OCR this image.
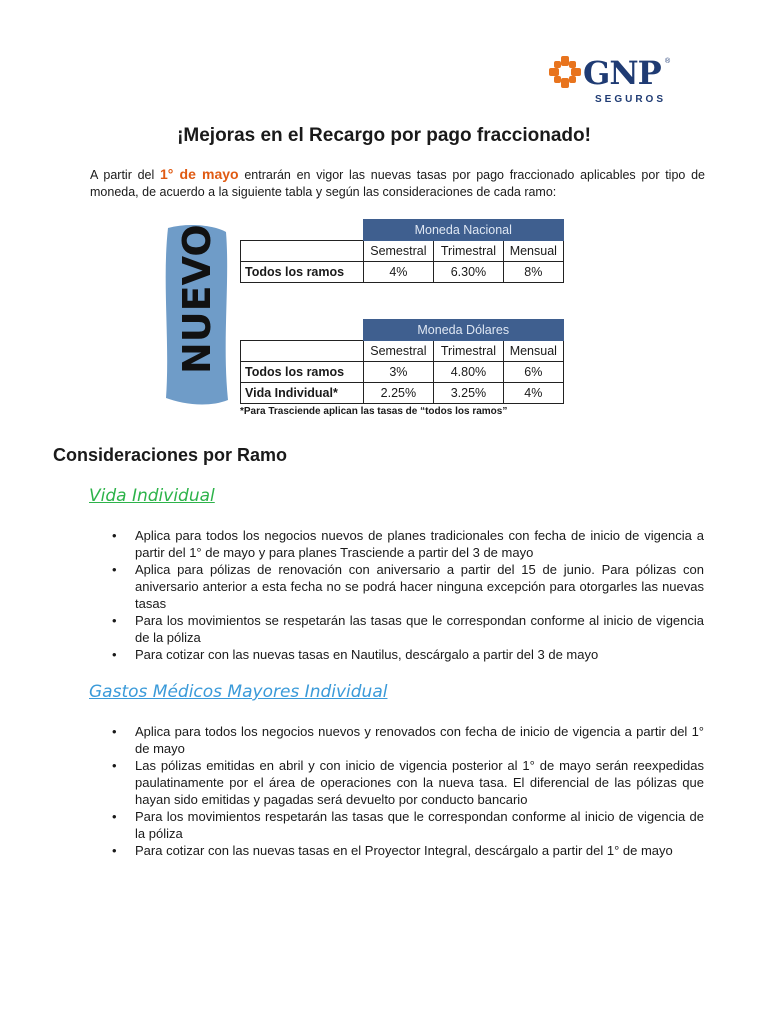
GNP ®
SEGUROS
¡Mejoras en el Recargo por pago fraccionado!
A partir del 1° de mayo entrarán en vigor las nuevas tasas por pago fraccionado aplicables por tipo de moneda, de acuerdo a la siguiente tabla y según las consideraciones de cada ramo:
NUEVO!
		Moneda Nacional		
	Semestral	Trimestral	Mensual
Todos los ramos	4%	6.30%	8%
	Moneda Dólares		
	Semestral	Trimestral	Mensual
Todos los ramos	3%	4.80%	6%
Vida Individual*	2.25%	3.25%	4%
*Para Trasciende aplican las tasas de “todos los ramos”
Consideraciones por Ramo
Vida Individual
• Aplica para todos los negocios nuevos de planes tradicionales con fecha de inicio de vigencia a partir del 1° de mayo y para planes Trasciende a partir del 3 de mayo
• Aplica para pólizas de renovación con aniversario a partir del 15 de junio. Para pólizas con aniversario anterior a esta fecha no se podrá hacer ninguna excepción para otorgarles las nuevas tasas
• Para los movimientos se respetarán las tasas que le correspondan conforme al inicio de vigencia de la póliza
• Para cotizar con las nuevas tasas en Nautilus, descárgalo a partir del 3 de mayo
Gastos Médicos Mayores Individual
• Aplica para todos los negocios nuevos y renovados con fecha de inicio de vigencia a partir del 1° de mayo
• Las pólizas emitidas en abril y con inicio de vigencia posterior al 1° de mayo serán reexpedidas paulatinamente por el área de operaciones con la nueva tasa. El diferencial de las pólizas que hayan sido emitidas y pagadas será devuelto por conducto bancario
• Para los movimientos respetarán las tasas que le correspondan conforme al inicio de vigencia de la póliza
• Para cotizar con las nuevas tasas en el Proyector Integral, descárgalo a partir del 1° de mayo
